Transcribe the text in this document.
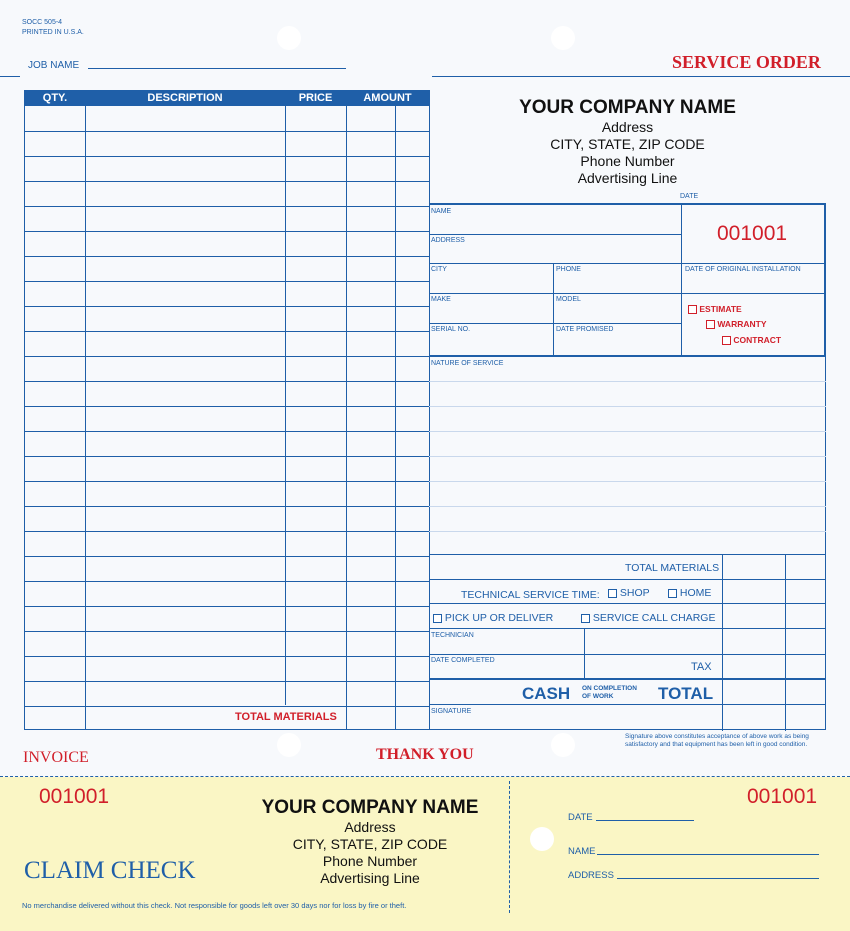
SOCC 505-4
PRINTED IN U.S.A.
JOB NAME	SERVICE ORDER
QTY.	DESCRIPTION	PRICE	AMOUNT
TOTAL MATERIALS
YOUR COMPANY NAME
Address
CITY, STATE, ZIP CODE
Phone Number
Advertising Line
DATE
NAME
ADDRESS
CITY	PHONE	DATE OF ORIGINAL INSTALLATION
MAKE	MODEL
SERIAL NO.	DATE PROMISED
001001
ESTIMATE
WARRANTY
CONTRACT
NATURE OF SERVICE
TOTAL MATERIALS
TECHNICAL SERVICE TIME:	SHOP	HOME
PICK UP OR DELIVER	SERVICE CALL CHARGE
TECHNICIAN
DATE COMPLETED
TAX
CASH ON COMPLETION OF WORK	TOTAL
SIGNATURE
Signature above constitutes acceptance of above work as being satisfactory and that equipment has been left in good condition.
INVOICE	THANK YOU
001001	001001
YOUR COMPANY NAME
Address
CITY, STATE, ZIP CODE
Phone Number
Advertising Line
CLAIM CHECK
No merchandise delivered without this check. Not responsible for goods left over 30 days nor for loss by fire or theft.
DATE
NAME
ADDRESS
